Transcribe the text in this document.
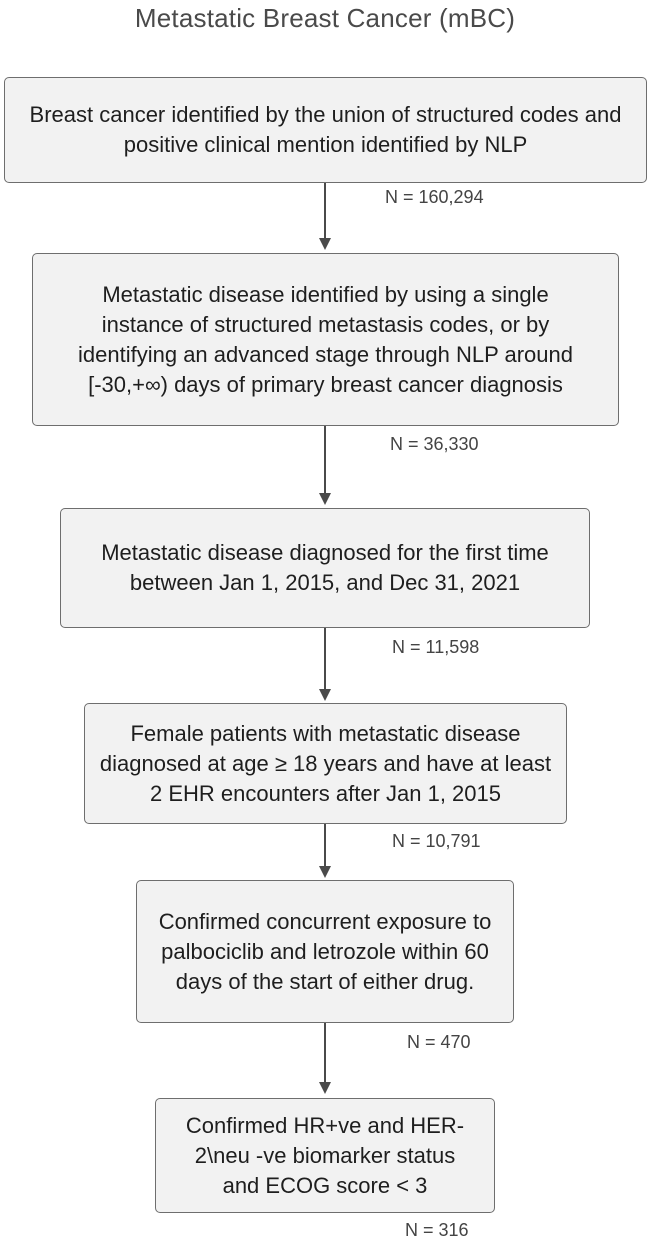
Metastatic Breast Cancer (mBC)
Breast cancer identified by the union of structured codes and positive clinical mention identified by NLP
N = 160,294
Metastatic disease identified by using a single instance of structured metastasis codes, or by identifying an advanced stage through NLP around [-30,+∞) days of primary breast cancer diagnosis
N = 36,330
Metastatic disease diagnosed for the first time between Jan 1, 2015, and Dec 31, 2021
N = 11,598
Female patients with metastatic disease diagnosed at age ≥ 18 years and have at least 2 EHR encounters after Jan 1, 2015
N = 10,791
Confirmed concurrent exposure to palbociclib and letrozole within 60 days of the start of either drug.
N = 470
Confirmed HR+ve and HER-2\neu -ve biomarker status and ECOG score < 3
N = 316
